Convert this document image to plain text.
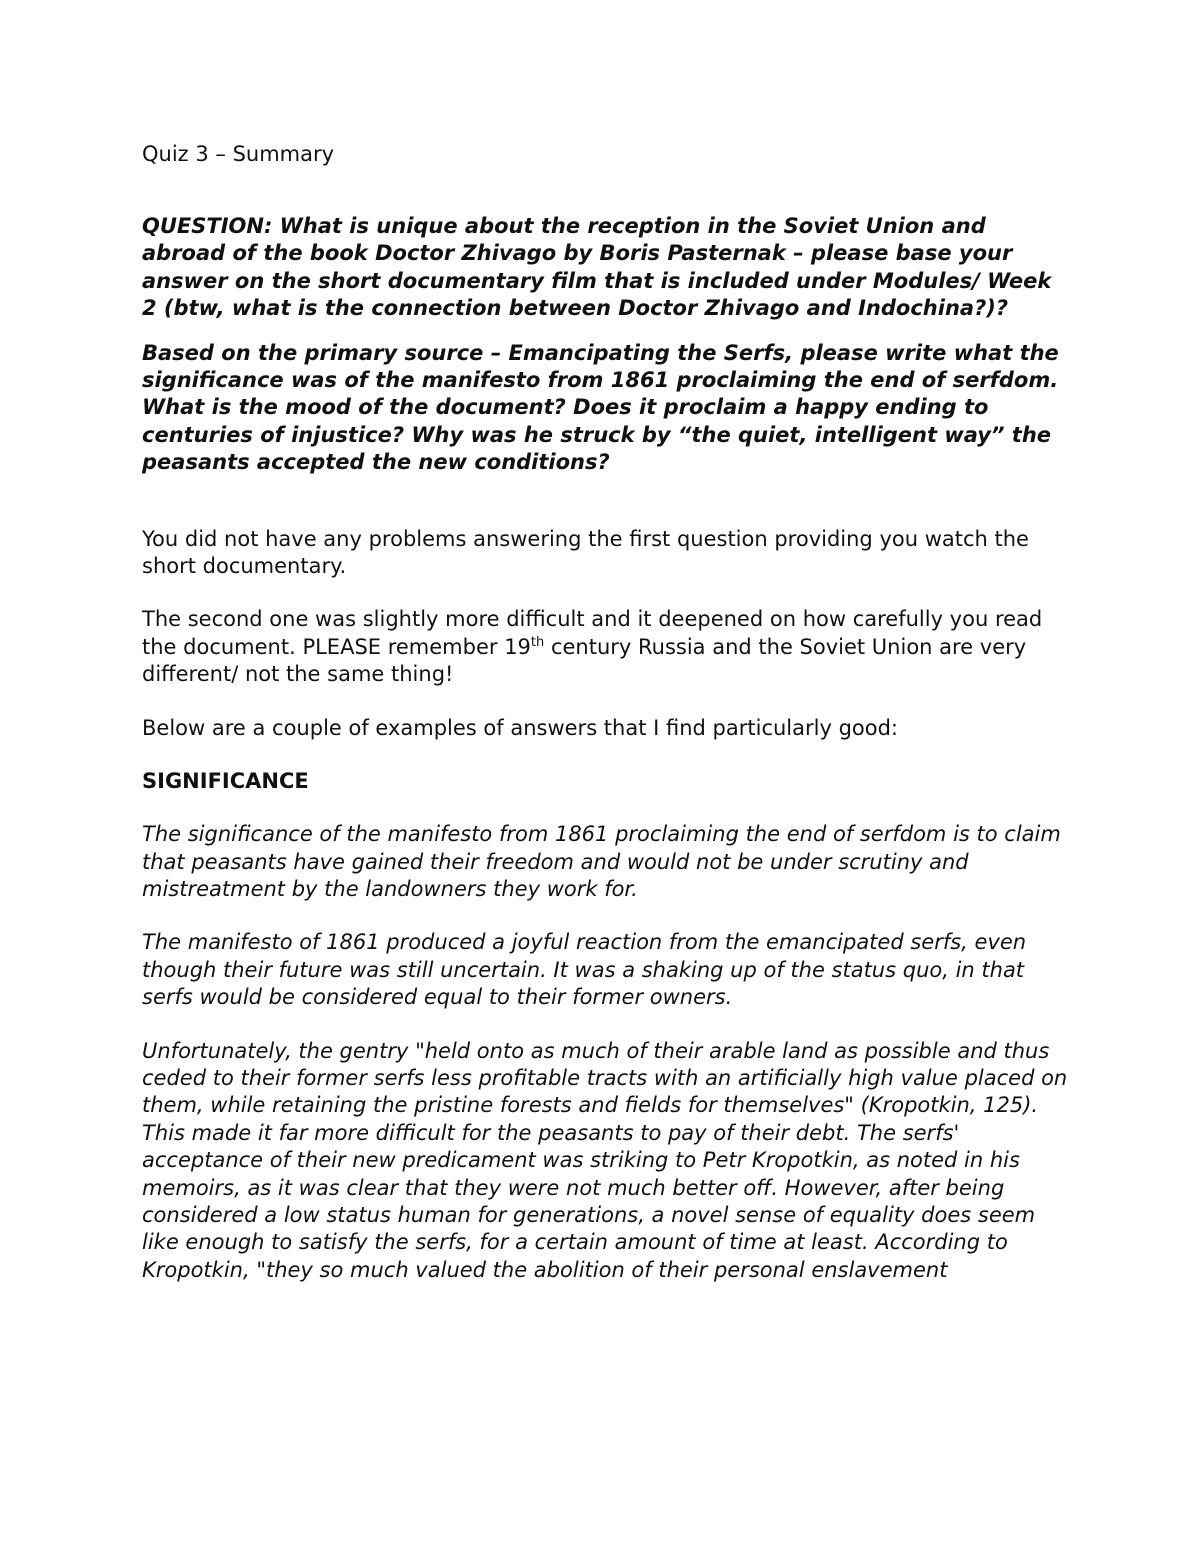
Quiz 3 – Summary

QUESTION: What is unique about the reception in the Soviet Union and abroad of the book Doctor Zhivago by Boris Pasternak – please base your answer on the short documentary film that is included under Modules/ Week 2 (btw, what is the connection between Doctor Zhivago and Indochina?)?

Based on the primary source – Emancipating the Serfs, please write what the significance was of the manifesto from 1861 proclaiming the end of serfdom. What is the mood of the document? Does it proclaim a happy ending to centuries of injustice? Why was he struck by “the quiet, intelligent way” the peasants accepted the new conditions?

You did not have any problems answering the first question providing you watch the short documentary.

The second one was slightly more difficult and it deepened on how carefully you read the document. PLEASE remember 19th century Russia and the Soviet Union are very different/ not the same thing!

Below are a couple of examples of answers that I find particularly good:

SIGNIFICANCE

The significance of the manifesto from 1861 proclaiming the end of serfdom is to claim that peasants have gained their freedom and would not be under scrutiny and mistreatment by the landowners they work for.

The manifesto of 1861 produced a joyful reaction from the emancipated serfs, even though their future was still uncertain. It was a shaking up of the status quo, in that serfs would be considered equal to their former owners.

Unfortunately, the gentry "held onto as much of their arable land as possible and thus ceded to their former serfs less profitable tracts with an artificially high value placed on them, while retaining the pristine forests and fields for themselves" (Kropotkin, 125). This made it far more difficult for the peasants to pay of their debt. The serfs' acceptance of their new predicament was striking to Petr Kropotkin, as noted in his memoirs, as it was clear that they were not much better off. However, after being considered a low status human for generations, a novel sense of equality does seem like enough to satisfy the serfs, for a certain amount of time at least. According to Kropotkin, "they so much valued the abolition of their personal enslavement
